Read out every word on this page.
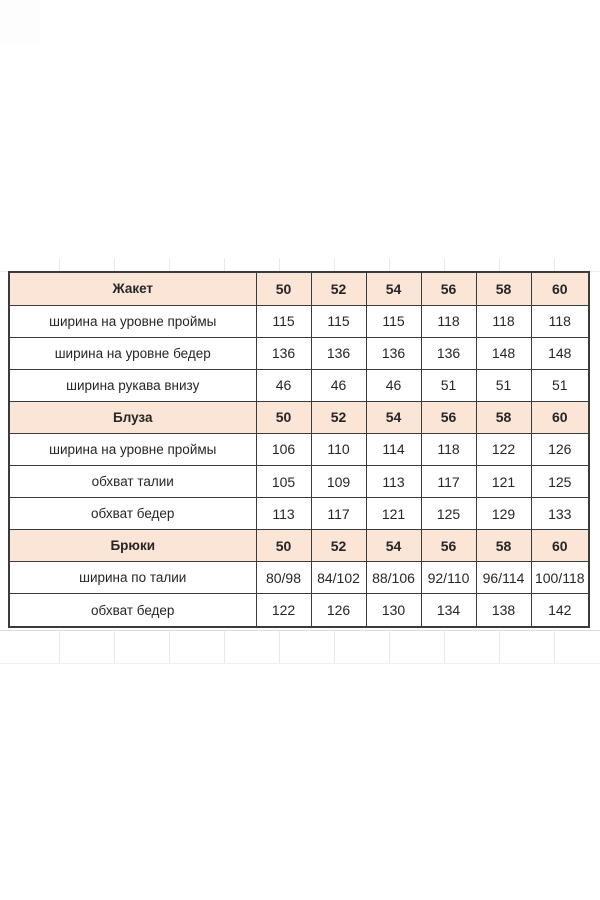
Жакет	50	52	54	56	58	60
ширина на уровне проймы	115	115	115	118	118	118
ширина на уровне бедер	136	136	136	136	148	148
ширина рукава внизу	46	46	46	51	51	51
Блуза	50	52	54	56	58	60
ширина на уровне проймы	106	110	114	118	122	126
обхват талии	105	109	113	117	121	125
обхват бедер	113	117	121	125	129	133
Брюки	50	52	54	56	58	60
ширина по талии	80/98	84/102	88/106	92/110	96/114	100/118
обхват бедер	122	126	130	134	138	142
